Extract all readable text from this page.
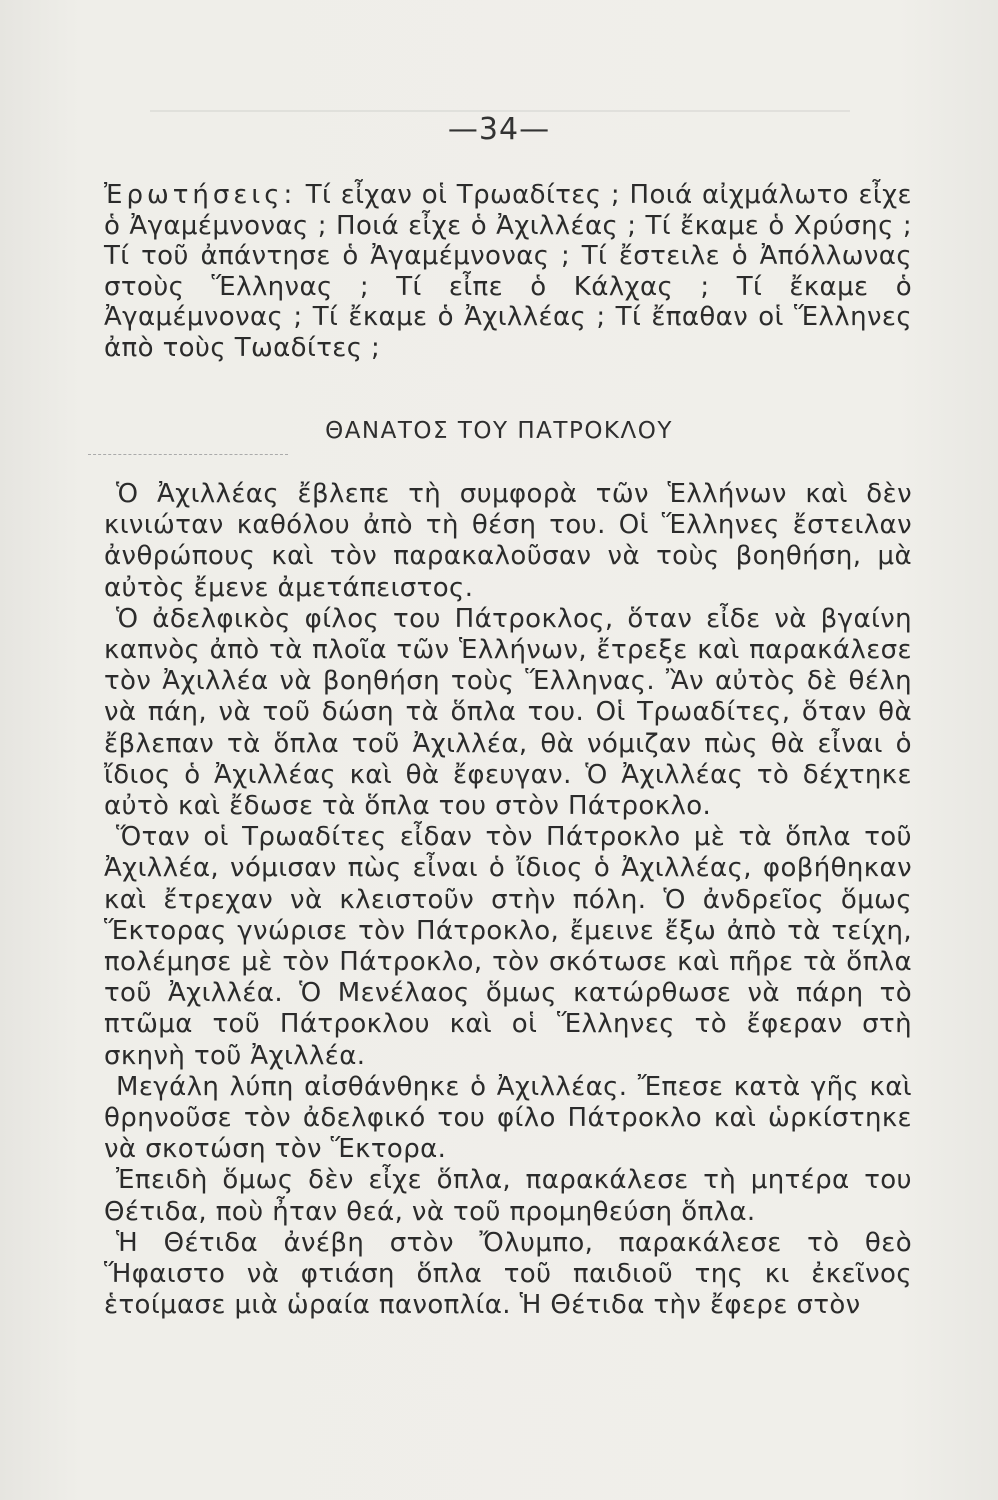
—34—

Ἐρωτήσεις: Τί εἶχαν οἱ Τρωαδίτες ; Ποιά αἰχμάλωτο εἶχε ὁ Ἀγαμέμνονας ; Ποιά εἶχε ὁ Ἀχιλλέας ; Τί ἔκαμε ὁ Χρύσης ; Τί τοῦ ἀπάντησε ὁ Ἀγαμέμνονας ; Τί ἔστειλε ὁ Ἀπόλλωνας στοὺς Ἕλληνας ; Τί εἶπε ὁ Κάλχας ; Τί ἔκαμε ὁ Ἀγαμέμνονας ; Τί ἔκαμε ὁ Ἀχιλλέας ; Τί ἔπαθαν οἱ Ἕλληνες ἀπὸ τοὺς Τωαδίτες ;

ΘΑΝΑΤΟΣ ΤΟΥ ΠΑΤΡΟΚΛΟΥ

Ὁ Ἀχιλλέας ἔβλεπε τὴ συμφορὰ τῶν Ἑλλήνων καὶ δὲν κινιώταν καθόλου ἀπὸ τὴ θέση του. Οἱ Ἕλληνες ἔστειλαν ἀνθρώπους καὶ τὸν παρακαλοῦσαν νὰ τοὺς βοηθήση, μὰ αὐτὸς ἔμενε ἀμετάπειστος.

Ὁ ἀδελφικὸς φίλος του Πάτροκλος, ὅταν εἶδε νὰ βγαίνη καπνὸς ἀπὸ τὰ πλοῖα τῶν Ἑλλήνων, ἔτρεξε καὶ παρακάλεσε τὸν Ἀχιλλέα νὰ βοηθήση τοὺς Ἕλληνας. Ἂν αὐτὸς δὲ θέλη νὰ πάη, νὰ τοῦ δώση τὰ ὅπλα του. Οἱ Τρωαδίτες, ὅταν θὰ ἔβλεπαν τὰ ὅπλα τοῦ Ἀχιλλέα, θὰ νόμιζαν πὼς θὰ εἶναι ὁ ἴδιος ὁ Ἀχιλλέας καὶ θὰ ἔφευγαν. Ὁ Ἀχιλλέας τὸ δέχτηκε αὐτὸ καὶ ἔδωσε τὰ ὅπλα του στὸν Πάτροκλο.

Ὅταν οἱ Τρωαδίτες εἶδαν τὸν Πάτροκλο μὲ τὰ ὅπλα τοῦ Ἀχιλλέα, νόμισαν πὼς εἶναι ὁ ἴδιος ὁ Ἀχιλλέας, φοβήθηκαν καὶ ἔτρεχαν νὰ κλειστοῦν στὴν πόλη. Ὁ ἀνδρεῖος ὅμως Ἕκτορας γνώρισε τὸν Πάτροκλο, ἔμεινε ἔξω ἀπὸ τὰ τείχη, πολέμησε μὲ τὸν Πάτροκλο, τὸν σκότωσε καὶ πῆρε τὰ ὅπλα τοῦ Ἀχιλλέα. Ὁ Μενέλαος ὅμως κατώρθωσε νὰ πάρη τὸ πτῶμα τοῦ Πάτροκλου καὶ οἱ Ἕλληνες τὸ ἔφεραν στὴ σκηνὴ τοῦ Ἀχιλλέα.

Μεγάλη λύπη αἰσθάνθηκε ὁ Ἀχιλλέας. Ἔπεσε κατὰ γῆς καὶ θρηνοῦσε τὸν ἀδελφικό του φίλο Πάτροκλο καὶ ὡρκίστηκε νὰ σκοτώση τὸν Ἕκτορα.

Ἐπειδὴ ὅμως δὲν εἶχε ὅπλα, παρακάλεσε τὴ μητέρα του Θέτιδα, ποὺ ἦταν θεά, νὰ τοῦ προμηθεύση ὅπλα.

Ἡ Θέτιδα ἀνέβη στὸν Ὄλυμπο, παρακάλεσε τὸ θεὸ Ἥφαιστο νὰ φτιάση ὅπλα τοῦ παιδιοῦ της κι ἐκεῖνος ἑτοίμασε μιὰ ὡραία πανοπλία. Ἡ Θέτιδα τὴν ἔφερε στὸν
